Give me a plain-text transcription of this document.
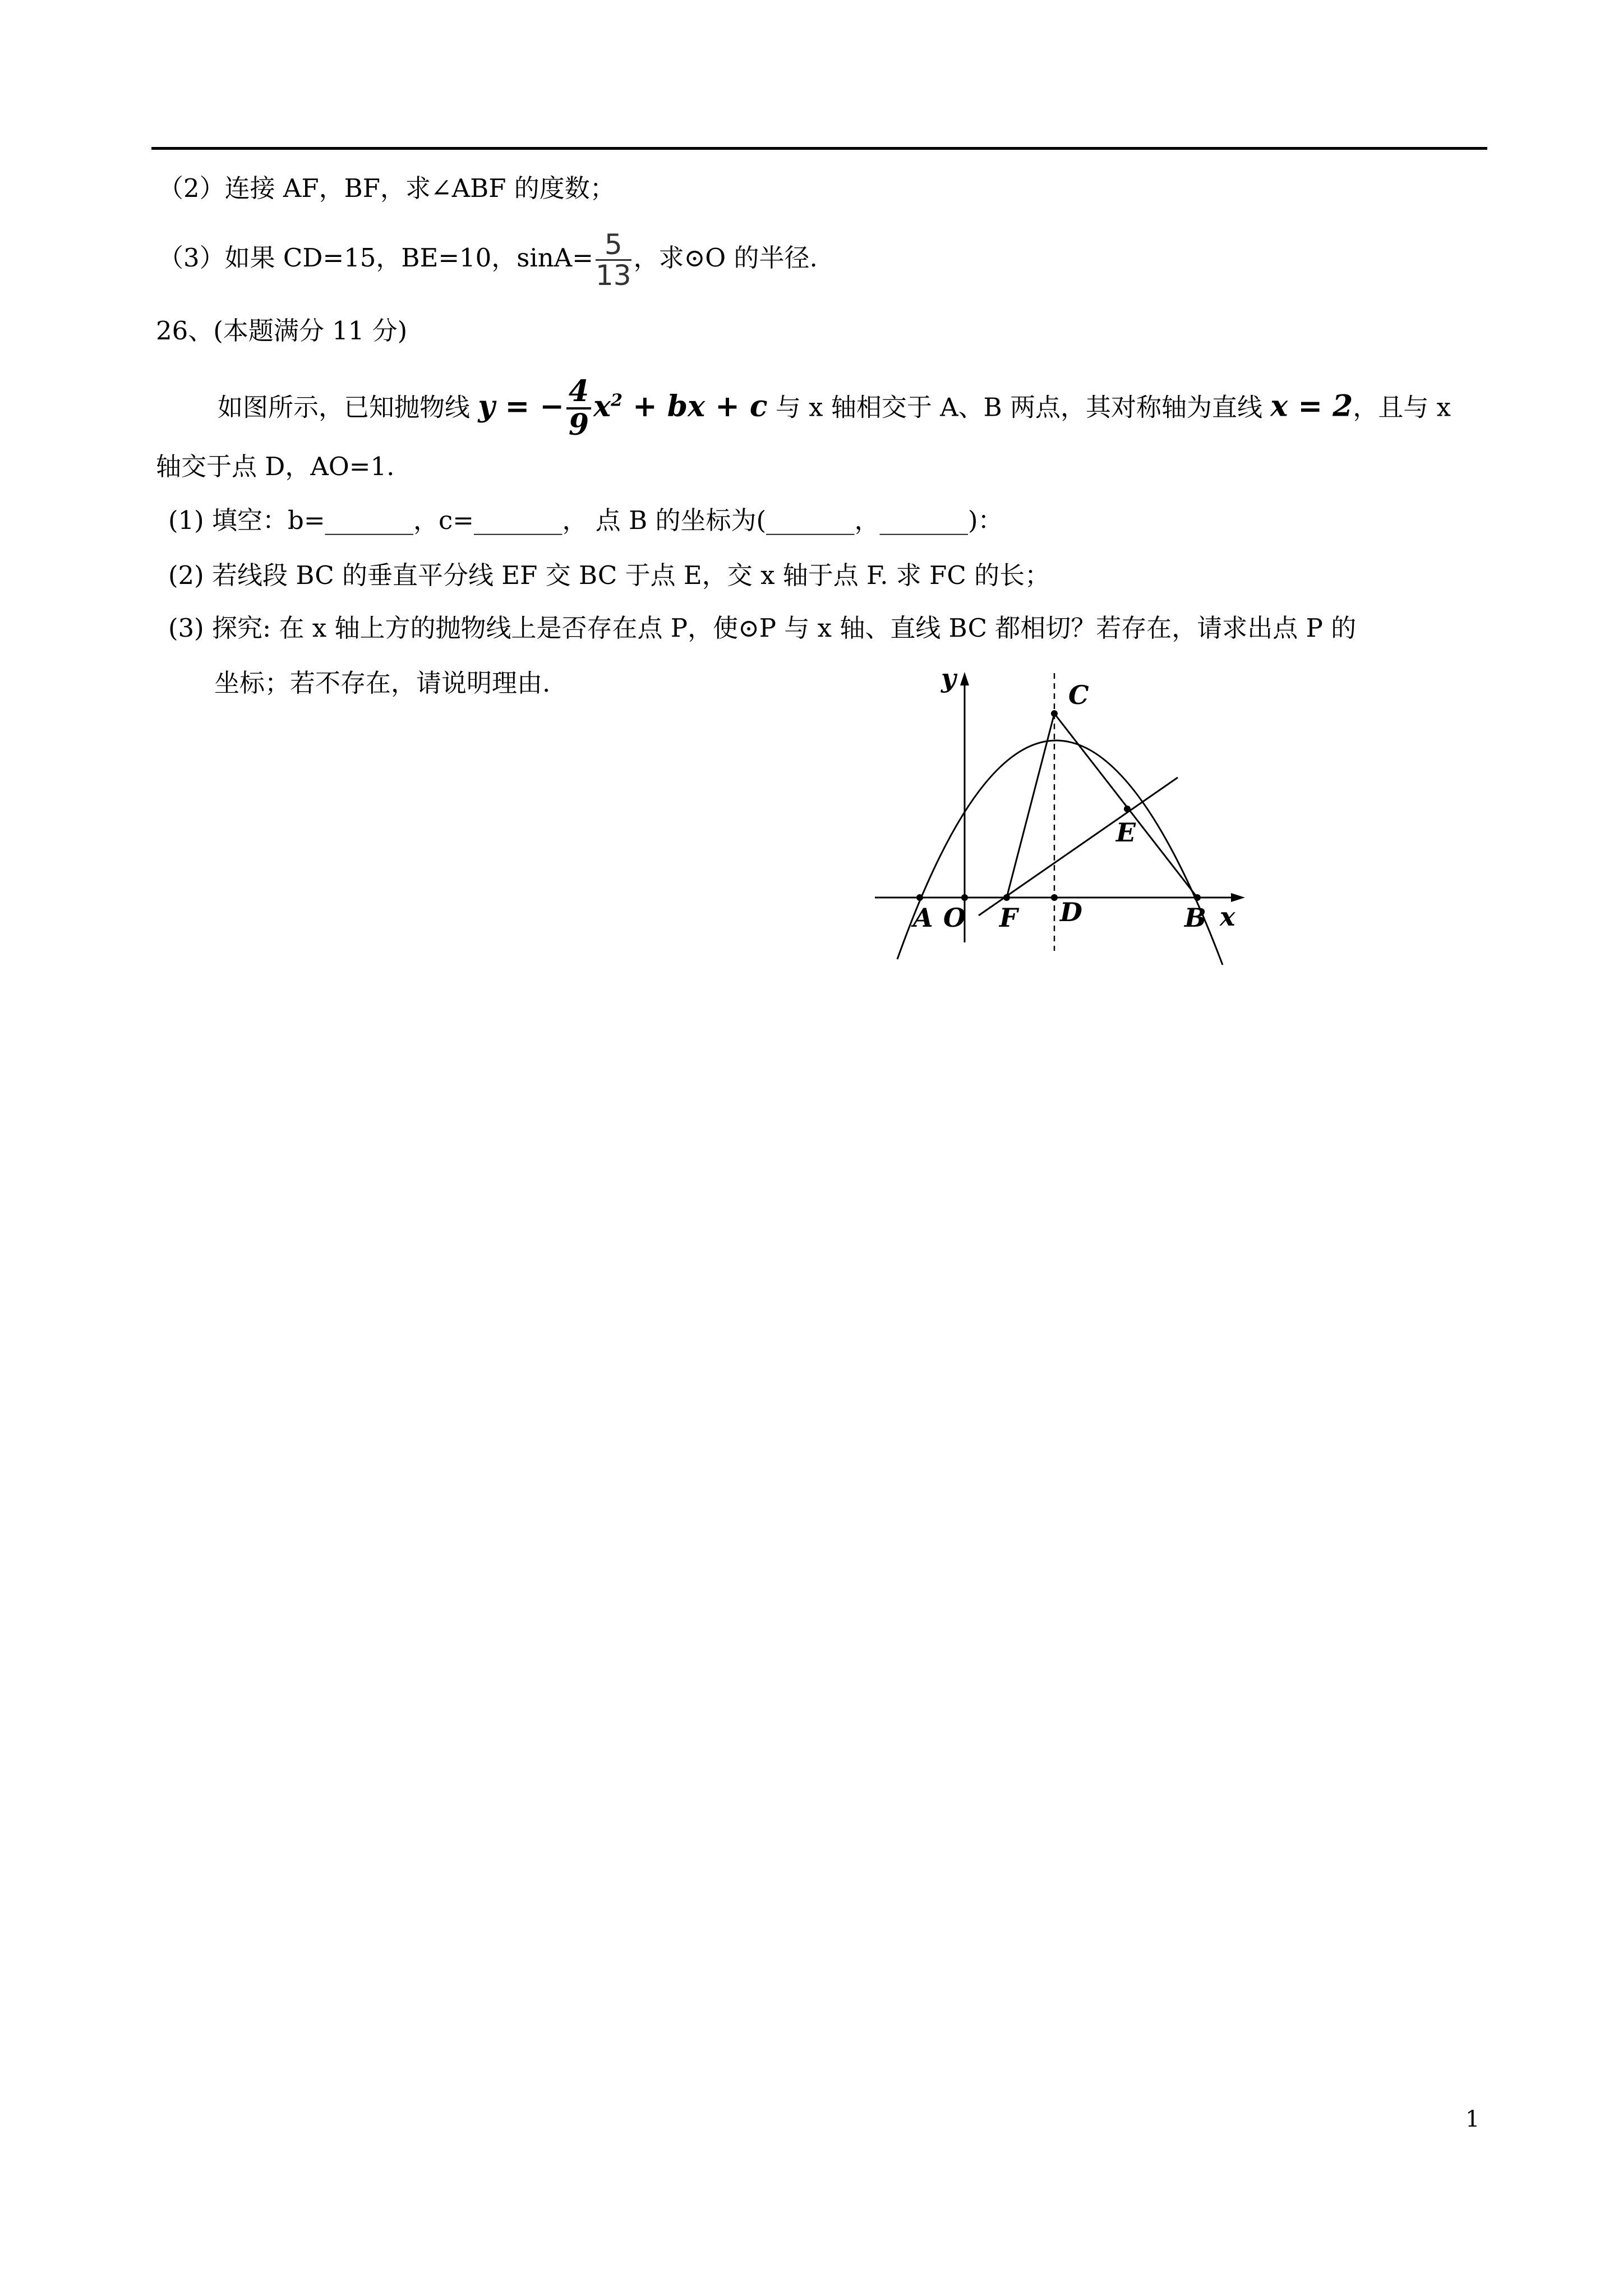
（2）连接 AF，BF，求∠ABF 的度数；
（3）如果 CD=15，BE=10，$\sin A= \frac{5}{13}$ ，求⊙O 的半径.
26、(本题满分 11 分)
如图所示，已知抛物线 y = − $\frac{4}{9} x^2$ + bx + c 与 x 轴相交于 A、B 两点，其对称轴为直线 x = 2，且与 x
轴交于点 D，AO=1.
(1) 填空：b=_______，c=_______， 点 B 的坐标为(_______，_______)：
(2) 若线段 BC 的垂直平分线 EF 交 BC 于点 E，交 x 轴于点 F. 求 FC 的长；
(3) 探究: 在 x 轴上方的抛物线上是否存在点 P，使⊙P 与 x 轴、直线 BC 都相切？若存在，请求出点 P 的
坐标；若不存在，请说明理由.	y
C
E
A O F D	B x
1
